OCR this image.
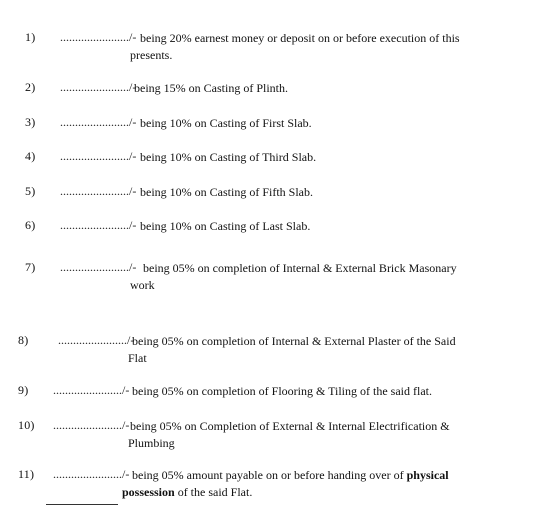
1) ......................./- being 20% earnest money or deposit on or before execution of this
presents.
2) ......................./-
being 15% on Casting of Plinth.
3) ......................./- being 10% on Casting of First Slab.
4) ......................./- being 10% on Casting of Third Slab.
5) ......................./- being 10% on Casting of Fifth Slab.
6) ......................./- being 10% on Casting of Last Slab.
7) ......................./- being 05% on completion of Internal & External Brick Masonary
work
8) ......................./-
being 05% on completion of Internal & External Plaster of the Said
Flat
9) ......................./- being 05% on completion of Flooring & Tiling of the said flat.
10) ......................./- being 05% on Completion of External & Internal Electrification &
Plumbing
11) ......................./- being 05% amount payable on or before handing over of physical
possession of the said Flat.
